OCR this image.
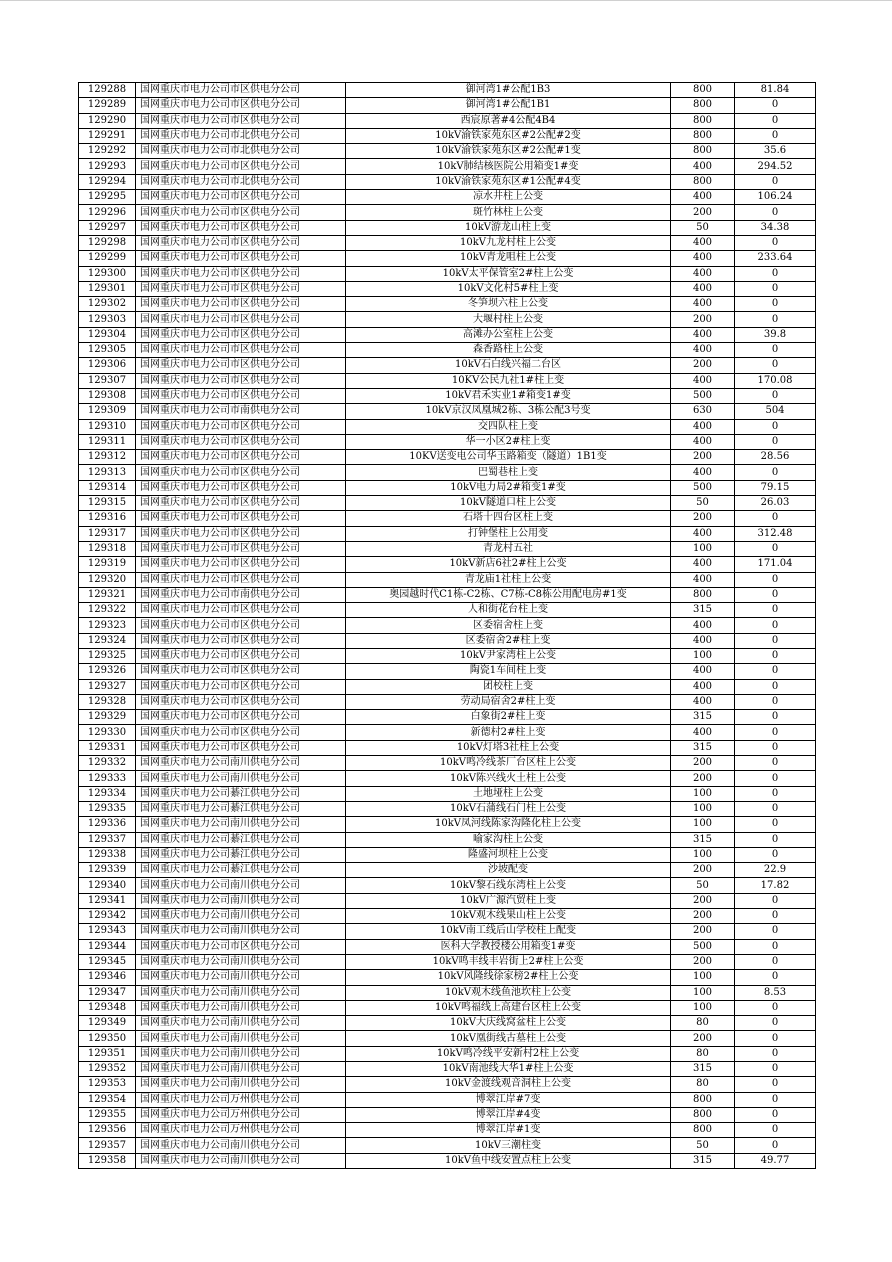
129288	国网重庆市电力公司市区供电分公司	御河湾1#公配1B3	800	81.84
129289	国网重庆市电力公司市区供电分公司	御河湾1#公配1B1	800	0
129290	国网重庆市电力公司市区供电分公司	西宸原著#4公配4B4	800	0
129291	国网重庆市电力公司市北供电分公司	10kV渝铁家苑东区#2公配#2变	800	0
129292	国网重庆市电力公司市北供电分公司	10kV渝铁家苑东区#2公配#1变	800	35.6
129293	国网重庆市电力公司市区供电分公司	10kV肺结核医院公用箱变1#变	400	294.52
129294	国网重庆市电力公司市北供电分公司	10kV渝铁家苑东区#1公配#4变	800	0
129295	国网重庆市电力公司市区供电分公司	凉水井柱上公变	400	106.24
129296	国网重庆市电力公司市区供电分公司	斑竹林柱上公变	200	0
129297	国网重庆市电力公司市区供电分公司	10kV游龙山柱上变	50	34.38
129298	国网重庆市电力公司市区供电分公司	10kV九龙村柱上公变	400	0
129299	国网重庆市电力公司市区供电分公司	10kV青龙咀柱上公变	400	233.64
129300	国网重庆市电力公司市区供电分公司	10kV太平保管室2#柱上公变	400	0
129301	国网重庆市电力公司市区供电分公司	10kV文化村5#柱上变	400	0
129302	国网重庆市电力公司市区供电分公司	冬笋坝六柱上公变	400	0
129303	国网重庆市电力公司市区供电分公司	大堰村柱上公变	200	0
129304	国网重庆市电力公司市区供电分公司	高滩办公室柱上公变	400	39.8
129305	国网重庆市电力公司市区供电分公司	森香路柱上公变	400	0
129306	国网重庆市电力公司市区供电分公司	10kV石白线兴福二台区	200	0
129307	国网重庆市电力公司市区供电分公司	10KV公民九社1#柱上变	400	170.08
129308	国网重庆市电力公司市区供电分公司	10kV君禾实业1#箱变1#变	500	0
129309	国网重庆市电力公司市南供电分公司	10kV京汉凤凰城2栋、3栋公配3号变	630	504
129310	国网重庆市电力公司市区供电分公司	交四队柱上变	400	0
129311	国网重庆市电力公司市区供电分公司	华一小区2#柱上变	400	0
129312	国网重庆市电力公司市区供电分公司	10KV送变电公司华玉路箱变（隧道）1B1变	200	28.56
129313	国网重庆市电力公司市区供电分公司	巴蜀巷柱上变	400	0
129314	国网重庆市电力公司市区供电分公司	10kV电力局2#箱变1#变	500	79.15
129315	国网重庆市电力公司市区供电分公司	10kV隧道口柱上公变	50	26.03
129316	国网重庆市电力公司市区供电分公司	石塔十四台区柱上变	200	0
129317	国网重庆市电力公司市区供电分公司	打钟堡柱上公用变	400	312.48
129318	国网重庆市电力公司市区供电分公司	青龙村五社	100	0
129319	国网重庆市电力公司市区供电分公司	10kV新店6社2#柱上公变	400	171.04
129320	国网重庆市电力公司市区供电分公司	青龙庙1社柱上公变	400	0
129321	国网重庆市电力公司市南供电分公司	奥园越时代C1栋-C2栋、C7栋-C8栋公用配电房#1变	800	0
129322	国网重庆市电力公司市区供电分公司	人和街花台柱上变	315	0
129323	国网重庆市电力公司市区供电分公司	区委宿舍柱上变	400	0
129324	国网重庆市电力公司市区供电分公司	区委宿舍2#柱上变	400	0
129325	国网重庆市电力公司市区供电分公司	10kV尹家湾柱上公变	100	0
129326	国网重庆市电力公司市区供电分公司	陶瓷1车间柱上变	400	0
129327	国网重庆市电力公司市区供电分公司	团校柱上变	400	0
129328	国网重庆市电力公司市区供电分公司	劳动局宿舍2#柱上变	400	0
129329	国网重庆市电力公司市区供电分公司	白象街2#柱上变	315	0
129330	国网重庆市电力公司市区供电分公司	新德村2#柱上变	400	0
129331	国网重庆市电力公司市区供电分公司	10kV灯塔3社柱上公变	315	0
129332	国网重庆市电力公司南川供电分公司	10kV鸣冷线茶厂台区柱上公变	200	0
129333	国网重庆市电力公司南川供电分公司	10kV陈兴线火土柱上公变	200	0
129334	国网重庆市电力公司綦江供电分公司	土地垭柱上公变	100	0
129335	国网重庆市电力公司綦江供电分公司	10kV石蒲线石门柱上公变	100	0
129336	国网重庆市电力公司南川供电分公司	10kV凤河线陈家沟隆化柱上公变	100	0
129337	国网重庆市电力公司綦江供电分公司	喻家沟柱上公变	315	0
129338	国网重庆市电力公司綦江供电分公司	隆盛河坝柱上公变	100	0
129339	国网重庆市电力公司綦江供电分公司	沙坡配变	200	22.9
129340	国网重庆市电力公司南川供电分公司	10kV黎石线东湾柱上公变	50	17.82
129341	国网重庆市电力公司南川供电分公司	10kV广源汽贸柱上变	200	0
129342	国网重庆市电力公司南川供电分公司	10kV观木线果山柱上公变	200	0
129343	国网重庆市电力公司南川供电分公司	10kV南工线后山学校柱上配变	200	0
129344	国网重庆市电力公司市区供电分公司	医科大学教授楼公用箱变1#变	500	0
129345	国网重庆市电力公司南川供电分公司	10kV鸣丰线丰岩街上2#柱上公变	200	0
129346	国网重庆市电力公司南川供电分公司	10kV风隆线徐家榜2#柱上公变	100	0
129347	国网重庆市电力公司南川供电分公司	10kV观木线鱼池坎柱上公变	100	8.53
129348	国网重庆市电力公司南川供电分公司	10kV鸣福线上高建台区柱上公变	100	0
129349	国网重庆市电力公司南川供电分公司	10kV大庆线窝盆柱上公变	80	0
129350	国网重庆市电力公司南川供电分公司	10kV凰街线古墓柱上公变	200	0
129351	国网重庆市电力公司南川供电分公司	10kV鸣冷线平安新村2柱上公变	80	0
129352	国网重庆市电力公司南川供电分公司	10kV南池线大华1#柱上公变	315	0
129353	国网重庆市电力公司南川供电分公司	10kV金渡线观音洞柱上公变	80	0
129354	国网重庆市电力公司万州供电分公司	博翠江岸#7变	800	0
129355	国网重庆市电力公司万州供电分公司	博翠江岸#4变	800	0
129356	国网重庆市电力公司万州供电分公司	博翠江岸#1变	800	0
129357	国网重庆市电力公司南川供电分公司	10kV三潮柱变	50	0
129358	国网重庆市电力公司南川供电分公司	10kV鱼中线安置点柱上公变	315	49.77
